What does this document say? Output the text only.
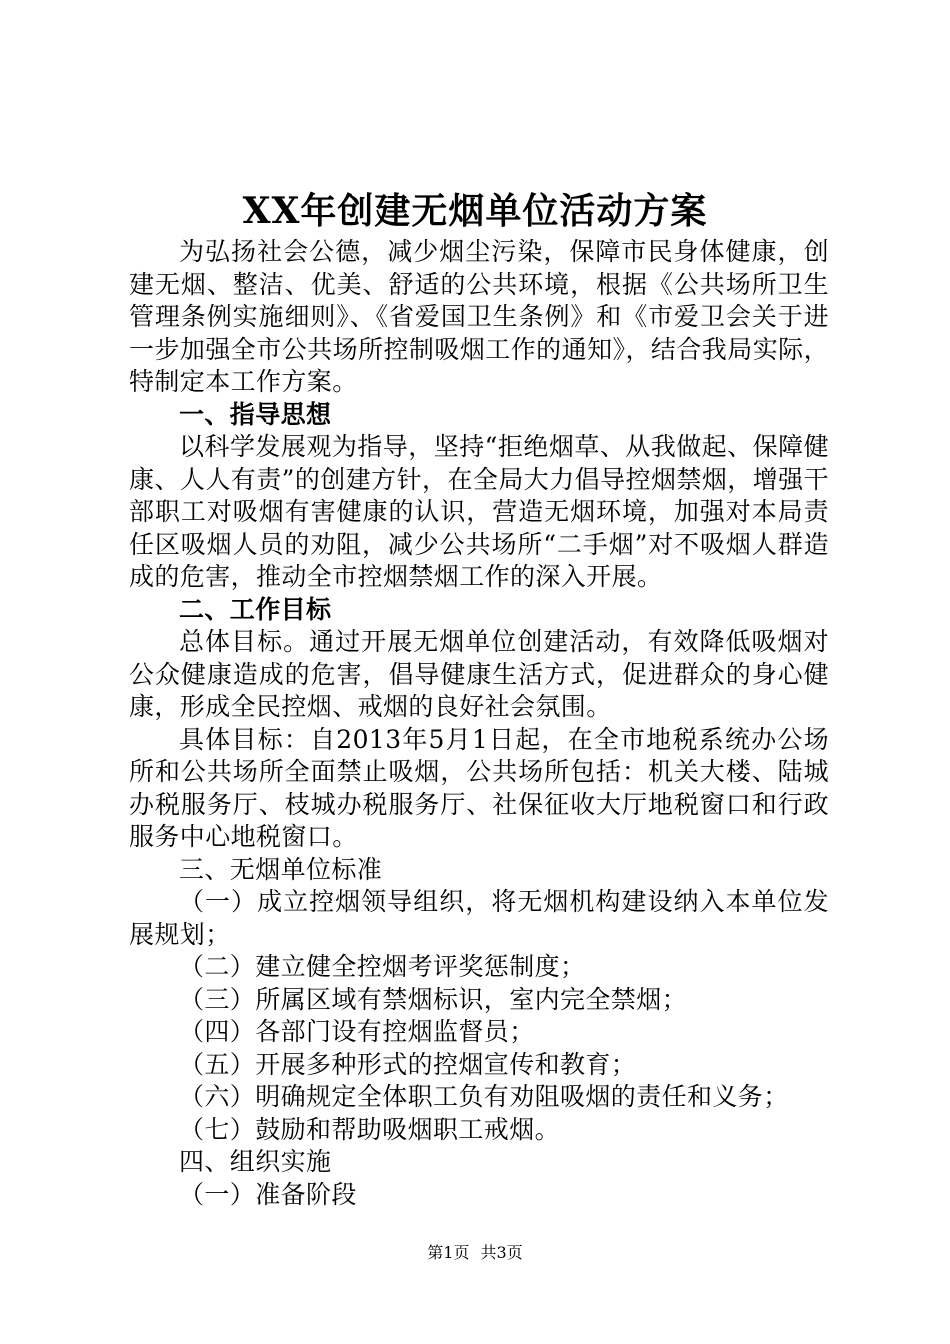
XX年创建无烟单位活动方案

为弘扬社会公德，减少烟尘污染，保障市民身体健康，创建无烟、整洁、优美、舒适的公共环境，根据《公共场所卫生管理条例实施细则》、《省爱国卫生条例》和《市爱卫会关于进一步加强全市公共场所控制吸烟工作的通知》，结合我局实际，特制定本工作方案。

一、指导思想

以科学发展观为指导，坚持“拒绝烟草、从我做起、保障健康、人人有责”的创建方针，在全局大力倡导控烟禁烟，增强干部职工对吸烟有害健康的认识，营造无烟环境，加强对本局责任区吸烟人员的劝阻，减少公共场所“二手烟”对不吸烟人群造成的危害，推动全市控烟禁烟工作的深入开展。

二、工作目标

总体目标。通过开展无烟单位创建活动，有效降低吸烟对公众健康造成的危害，倡导健康生活方式，促进群众的身心健康，形成全民控烟、戒烟的良好社会氛围。

具体目标：自2013年5月1日起，在全市地税系统办公场所和公共场所全面禁止吸烟，公共场所包括：机关大楼、陆城办税服务厅、枝城办税服务厅、社保征收大厅地税窗口和行政服务中心地税窗口。

三、无烟单位标准

（一）成立控烟领导组织，将无烟机构建设纳入本单位发展规划；

（二）建立健全控烟考评奖惩制度；

（三）所属区域有禁烟标识，室内完全禁烟；

（四）各部门设有控烟监督员；

（五）开展多种形式的控烟宣传和教育；

（六）明确规定全体职工负有劝阻吸烟的责任和义务；

（七）鼓励和帮助吸烟职工戒烟。

四、组织实施

（一）准备阶段

第1页 共3页
